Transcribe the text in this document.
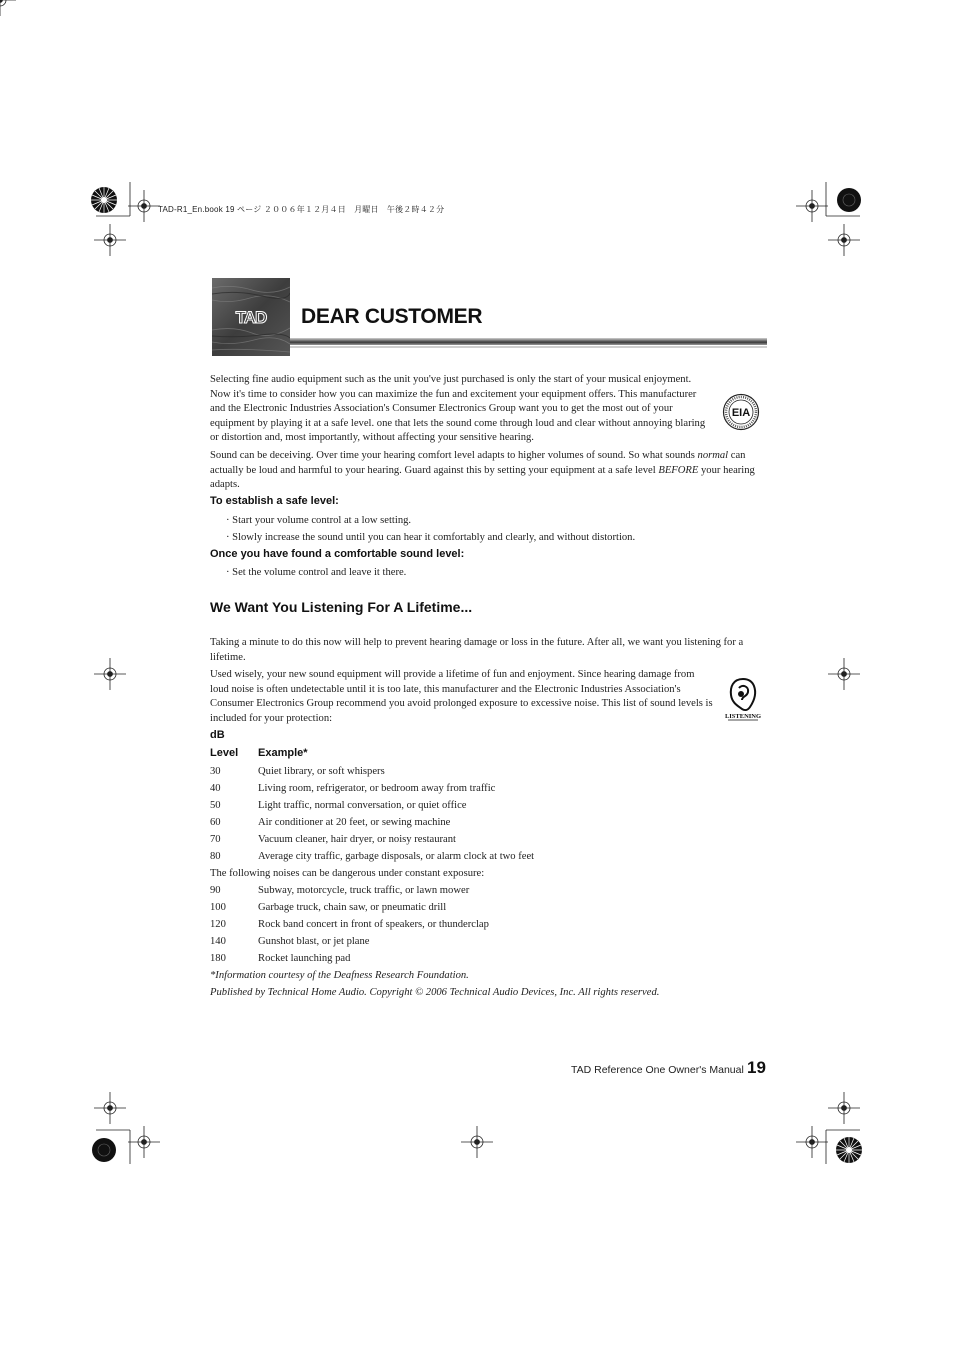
TAD-R1_En.book 19 ページ ２００６年１２月４日　月曜日　午後２時４２分
TAD DEAR CUSTOMER
EIA

Selecting fine audio equipment such as the unit you've just purchased is only the start of your musical enjoyment. Now it's time to consider how you can maximize the fun and excitement your equipment offers. This manufacturer and the Electronic Industries Association's Consumer Electronics Group want you to get the most out of your equipment by playing it at a safe level. one that lets the sound come through loud and clear without annoying blaring or distortion and, most importantly, without affecting your sensitive hearing.

Sound can be deceiving. Over time your hearing comfort level adapts to higher volumes of sound. So what sounds normal can actually be loud and harmful to your hearing. Guard against this by setting your equipment at a safe level BEFORE your hearing adapts.

To establish a safe level:
· Start your volume control at a low setting.
· Slowly increase the sound until you can hear it comfortably and clearly, and without distortion.
Once you have found a comfortable sound level:
· Set the volume control and leave it there.
We Want You Listening For A Lifetime...

Taking a minute to do this now will help to prevent hearing damage or loss in the future. After all, we want you listening for a lifetime.

Used wisely, your new sound equipment will provide a lifetime of fun and enjoyment. Since hearing damage from loud noise is often undetectable until it is too late, this manufacturer and the Electronic Industries Association's Consumer Electronics Group recommend you avoid prolonged exposure to excessive noise. This list of sound levels is included for your protection:	LISTENING
dB
Level Example*
30	Quiet library, or soft whispers
40	Living room, refrigerator, or bedroom away from traffic
50	Light traffic, normal conversation, or quiet office
60	Air conditioner at 20 feet, or sewing machine
70	Vacuum cleaner, hair dryer, or noisy restaurant
80	Average city traffic, garbage disposals, or alarm clock at two feet
The following noises can be dangerous under constant exposure:
90	Subway, motorcycle, truck traffic, or lawn mower
100	Garbage truck, chain saw, or pneumatic drill
120	Rock band concert in front of speakers, or thunderclap
140	Gunshot blast, or jet plane
180	Rocket launching pad
*Information courtesy of the Deafness Research Foundation.
Published by Technical Home Audio. Copyright © 2006 Technical Audio Devices, Inc. All rights reserved.
TAD Reference One Owner's Manual 19
